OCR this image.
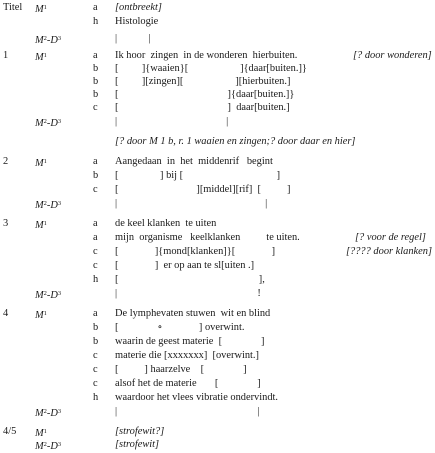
Titel $M^1$	a [ontbreekt]
h Histologie
$M^2-D^3$	|            |
1	$M^1$	a Ik hoor  zingen  in de wonderen  hierbuiten.	[? door wonderen]
b [         ]{waaien}[                    ]{daar[buiten.]}
b [         ][zingen][                    ][hierbuiten.]
b [                                          ]{daar[buiten.]}
c [                                          ]  daar[buiten.]
$M^2-D^3$	|                                          |
[? door M 1 b, r. 1 waaien en zingen;? door daar en hier]
2	$M^1$	a Aangedaan  in  het  middenrif   begint
b [                ] bij [                                    ]
c [                              ][middel][rif]  [          ]
$M^2-D^3$	|                                                         |
3	$M^1$	a de keel klanken  te uiten
a mijn  organisme   keelklanken          te uiten.	[? voor de regel]
c [              ]{mond[klanken]}[              ]	[???? door klanken]
c [              ]  er op aan te sl[uiten .]
h [                                                      ],
$M^2-D^3$	|                                                      !
4	$M^1$	a De lymphevaten stuwen  wit en blind
b [               ∘              ] overwint.
b waarin de geest materie  [               ]
c materie die [xxxxxxx]  [overwint.]
c [          ] haarzelve    [               ]
c alsof het de materie       [               ]
h waardoor het vlees vibratie ondervindt.
$M^2-D^3$	|                                                      |
4/5 $M^1$	[strofewit?]
$M^2-D^3$	[strofewit]
